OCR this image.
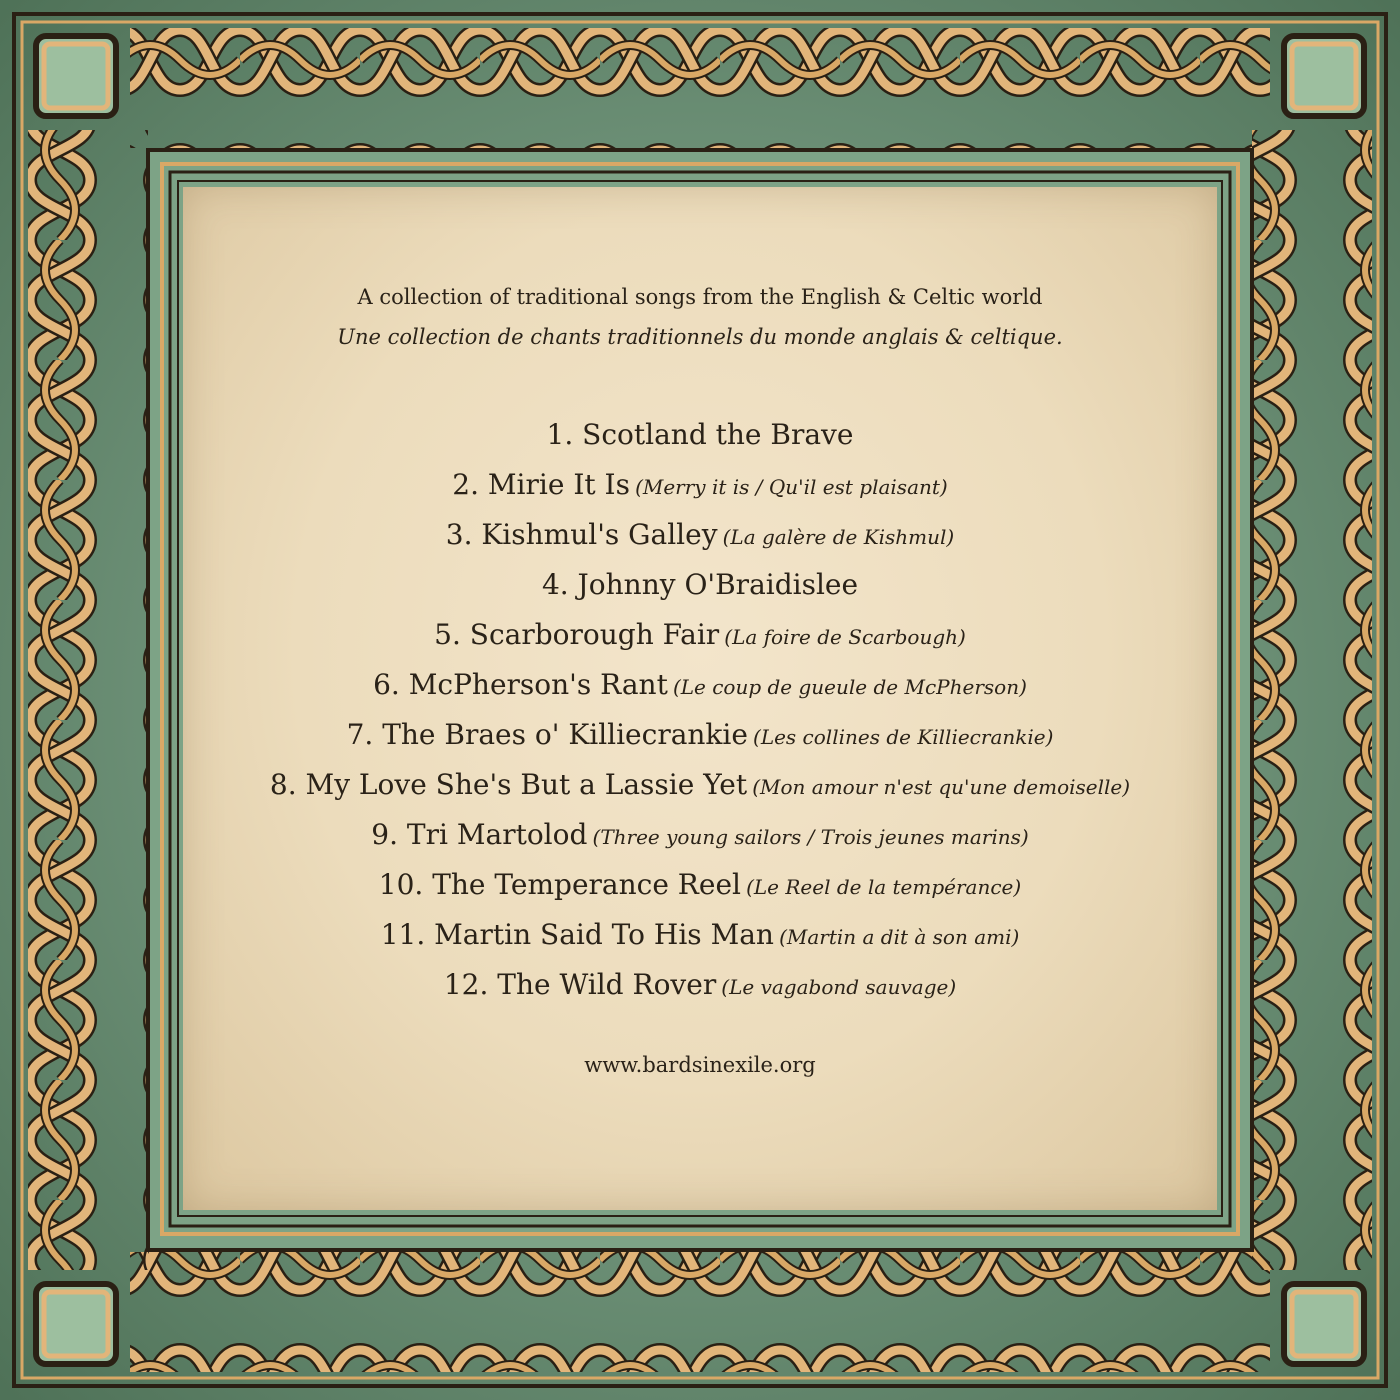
A collection of traditional songs from the English & Celtic world
Une collection de chants traditionnels du monde anglais & celtique.
1. Scotland the Brave
2. Mirie It Is (Merry it is / Qu'il est plaisant)
3. Kishmul's Galley (La galère de Kishmul)
4. Johnny O'Braidislee
5. Scarborough Fair (La foire de Scarbough)
6. McPherson's Rant (Le coup de gueule de McPherson)
7. The Braes o' Killiecrankie (Les collines de Killiecrankie)
8. My Love She's But a Lassie Yet (Mon amour n'est qu'une demoiselle)
9. Tri Martolod (Three young sailors / Trois jeunes marins)
10. The Temperance Reel (Le Reel de la tempérance)
11. Martin Said To His Man (Martin a dit à son ami)
12. The Wild Rover (Le vagabond sauvage)
www.bardsinexile.org
